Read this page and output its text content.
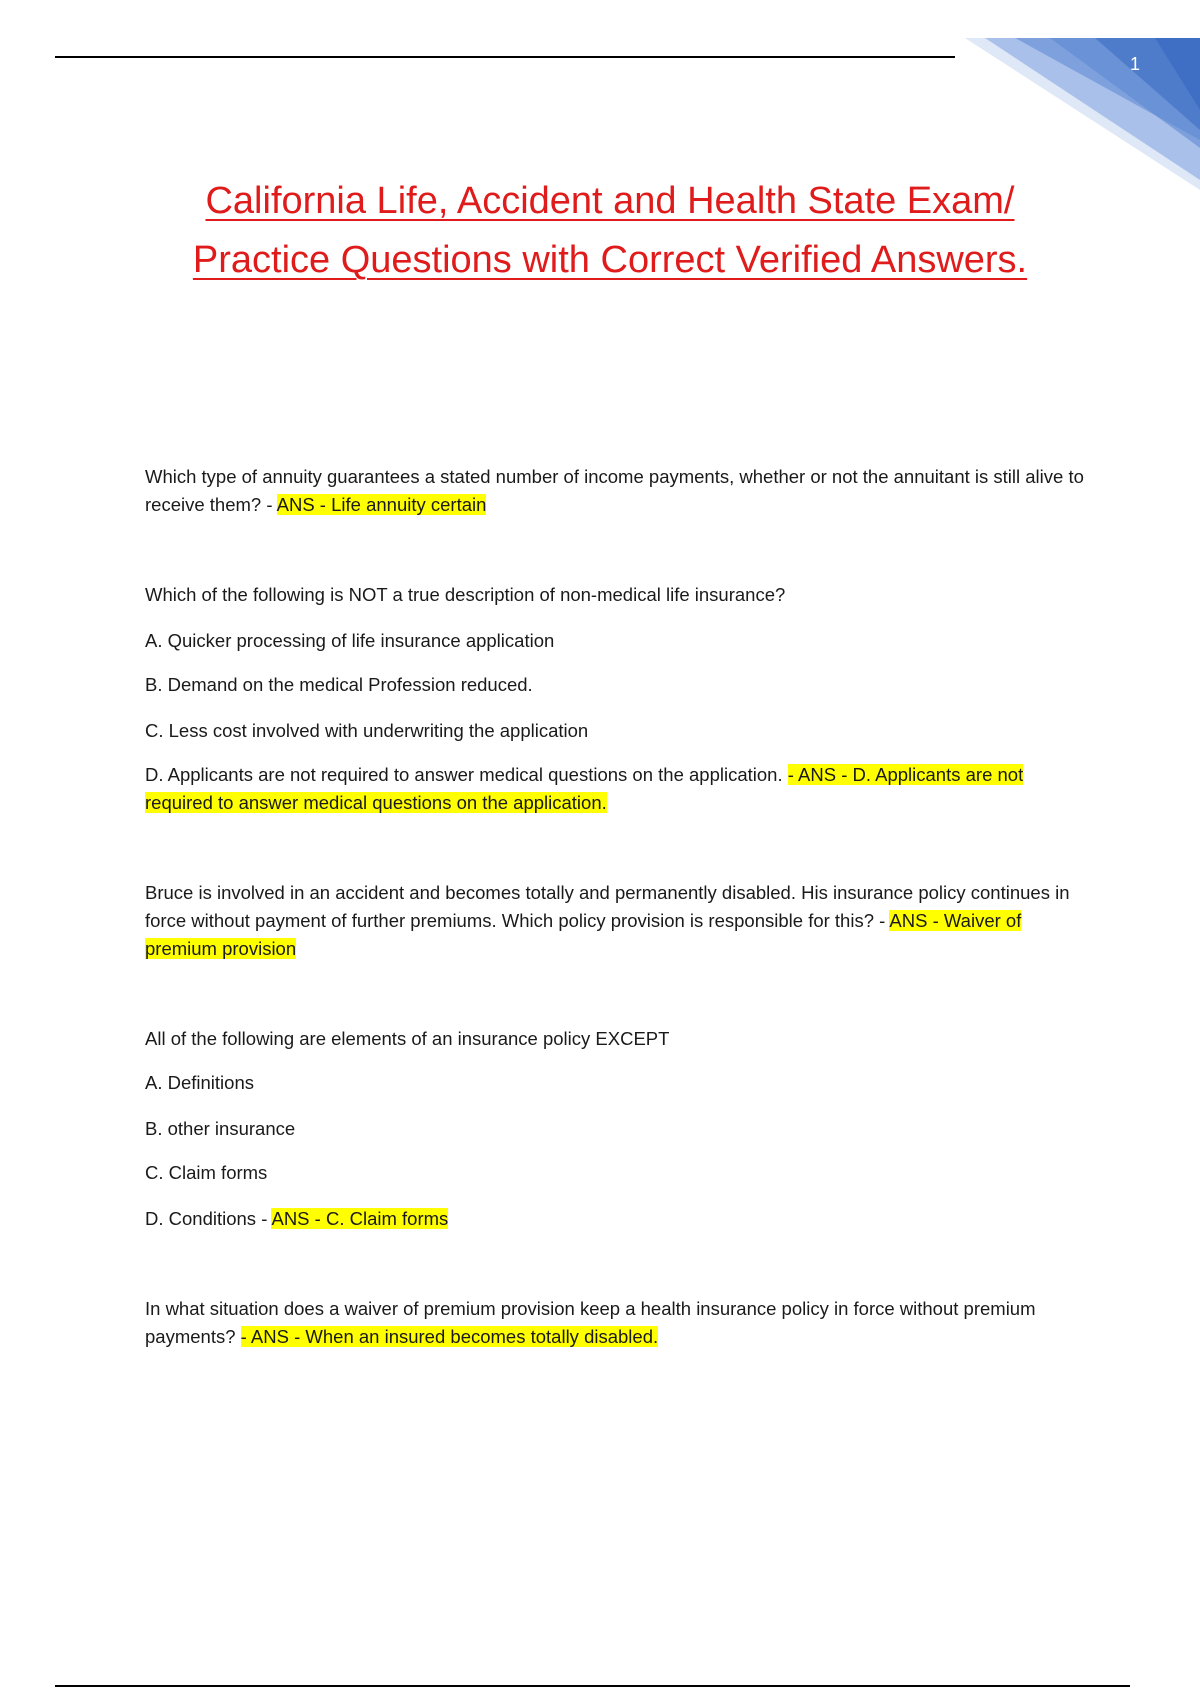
1
California Life, Accident and Health State Exam/
Practice Questions with Correct Verified Answers.

Which type of annuity guarantees a stated number of income payments, whether or not the annuitant is still alive to receive them? - ANS - Life annuity certain

Which of the following is NOT a true description of non-medical life insurance?

A. Quicker processing of life insurance application

B. Demand on the medical Profession reduced.

C. Less cost involved with underwriting the application

D. Applicants are not required to answer medical questions on the application. - ANS - D. Applicants are not required to answer medical questions on the application.

Bruce is involved in an accident and becomes totally and permanently disabled. His insurance policy continues in force without payment of further premiums. Which policy provision is responsible for this? - ANS - Waiver of premium provision

All of the following are elements of an insurance policy EXCEPT

A. Definitions

B. other insurance

C. Claim forms

D. Conditions - ANS - C. Claim forms

In what situation does a waiver of premium provision keep a health insurance policy in force without premium payments? - ANS - When an insured becomes totally disabled.
